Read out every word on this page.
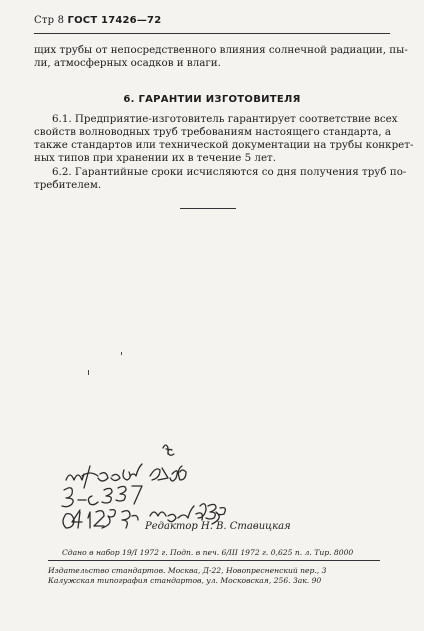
Стр 8 ГОСТ 17426—72
щих трубы от непосредственного влияния солнечной радиации, пы-
ли, атмосферных осадков и влаги.
6. ГАРАНТИИ ИЗГОТОВИТЕЛЯ
6.1. Предприятие-изготовитель гарантирует соответствие всех
свойств волноводных труб требованиям настоящего стандарта, а
также стандартов или технической документации на трубы конкрет-
ных типов при хранении их в течение 5 лет.
6.2. Гарантийные сроки исчисляются со дня получения труб по-
требителем.
Редактор Н. В. Ставицкая
Сдано в набор 19/I 1972 г. Подп. в печ. 6/III 1972 г. 0,625 п. л. Тир. 8000
Издательство стандартов. Москва, Д-22, Новопресненский пер., 3
Калужская типография стандартов, ул. Московская, 256. Зак. 90
